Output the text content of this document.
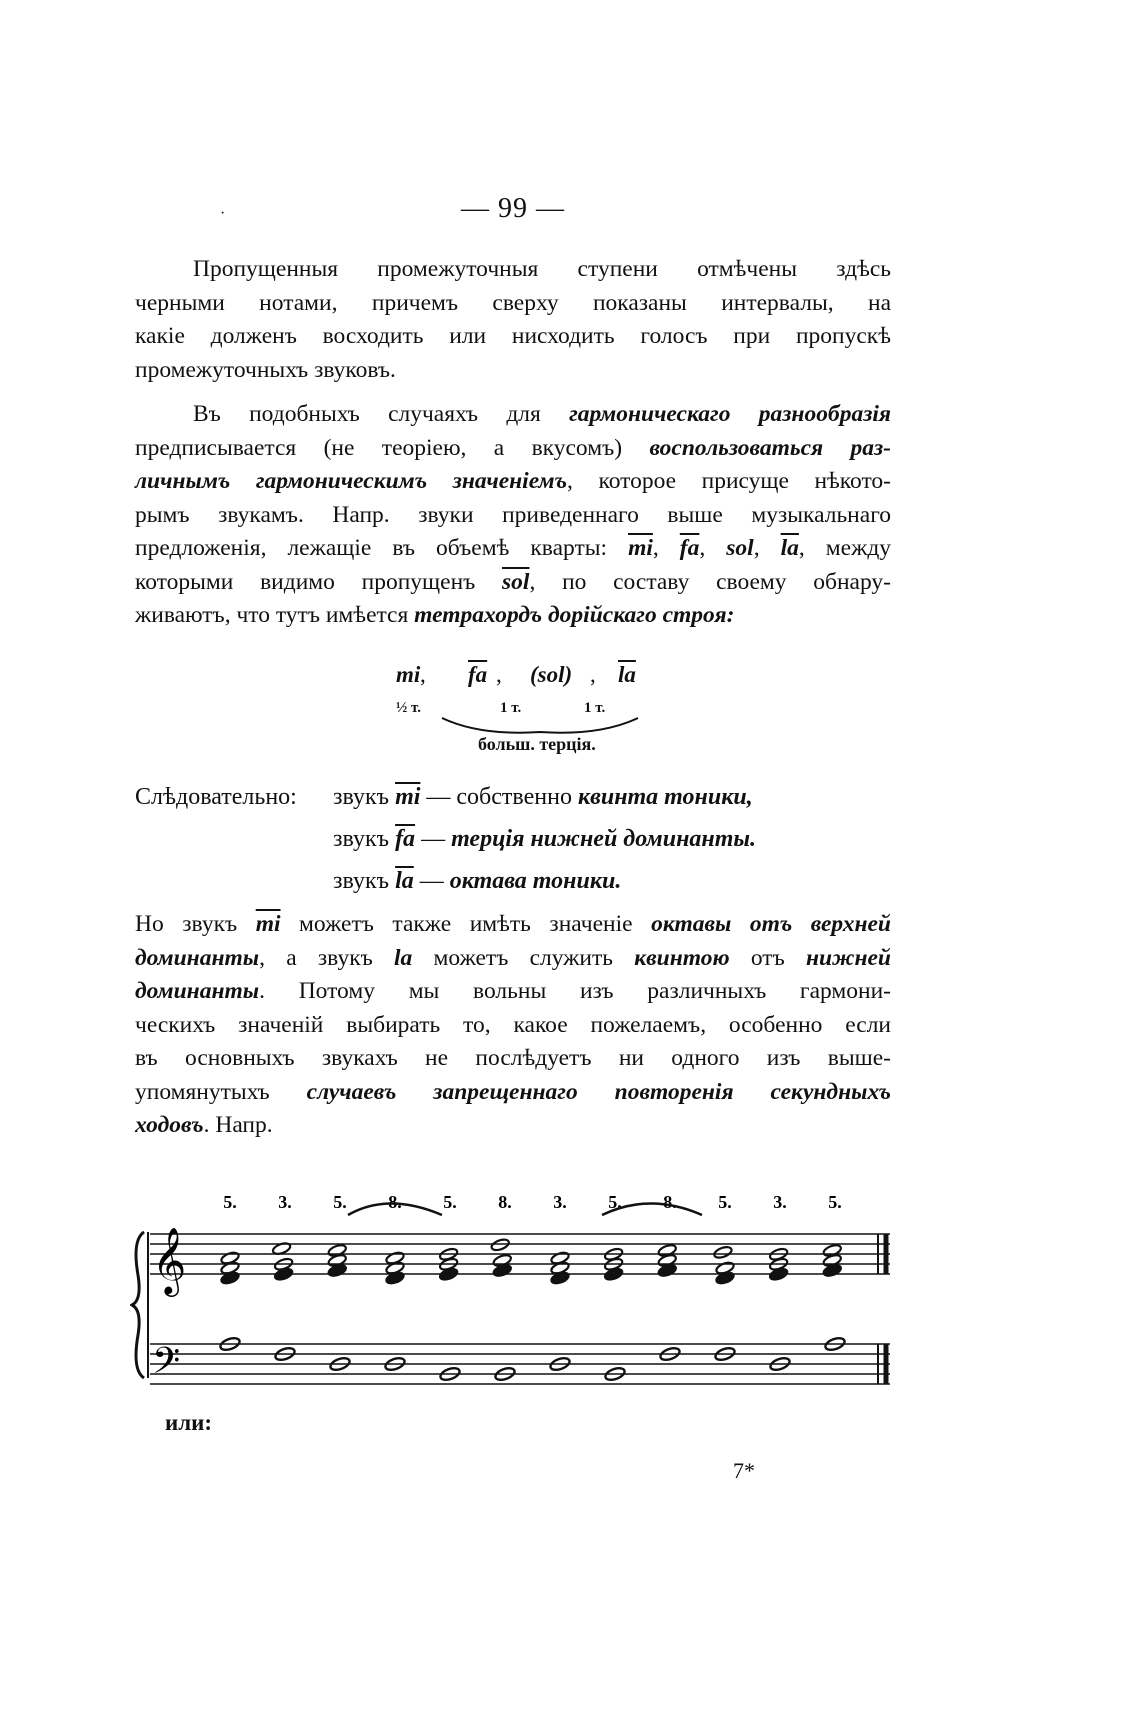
·	— 99 —
Пропущенныя промежуточныя ступени отмѣчены здѣсь
черными нотами, причемъ сверху показаны интервалы, на
какіе долженъ восходить или нисходить голосъ при пропускѣ
промежуточныхъ звуковъ.
Въ подобныхъ случаяхъ для гармоническаго разнообразія
предписывается (не теоріею, а вкусомъ) воспользоваться раз-
личнымъ гармоническимъ значеніемъ, которое присуще нѣкото-
рымъ звукамъ. Напр. звуки приведеннаго выше музыкальнаго
предложенія, лежащіе въ объемѣ кварты: $\overline{mi}$, $\overline{fa}$, sol, $\overline{la}$, между
которыми видимо пропущенъ $\overline{sol}$, по составу своему обнару-
живаютъ, что тутъ имѣется тетрахордъ дорійскаго строя:
mi , $\overline{fa}$ , (sol) , $\overline{la}$
½ т.	1 т.	1 т.
больш. терція.
Слѣдовательно: звукъ $\overline{mi}$ — собственно квинта тоники,
звукъ $\overline{fa}$ — терція нижней доминанты.
звукъ $\overline{la}$ — октава тоники.
Но звукъ $\overline{mi}$ можетъ также имѣть значеніе октавы отъ верхней
доминанты, а звукъ la можетъ служить квинтою отъ нижней
доминанты. Потому мы вольны изъ различныхъ гармони-
ческихъ значеній выбирать то, какое пожелаемъ, особенно если
въ основныхъ звукахъ не послѣдуетъ ни одного изъ выше-
упомянутыхъ случаевъ запрещеннаго повторенія секундныхъ
ходовъ. Напр.
5. 3. 5. 8. 5. 8. 3. 5. 8. 5. 3. 5.
𝄞
𝄢
или:
7*
